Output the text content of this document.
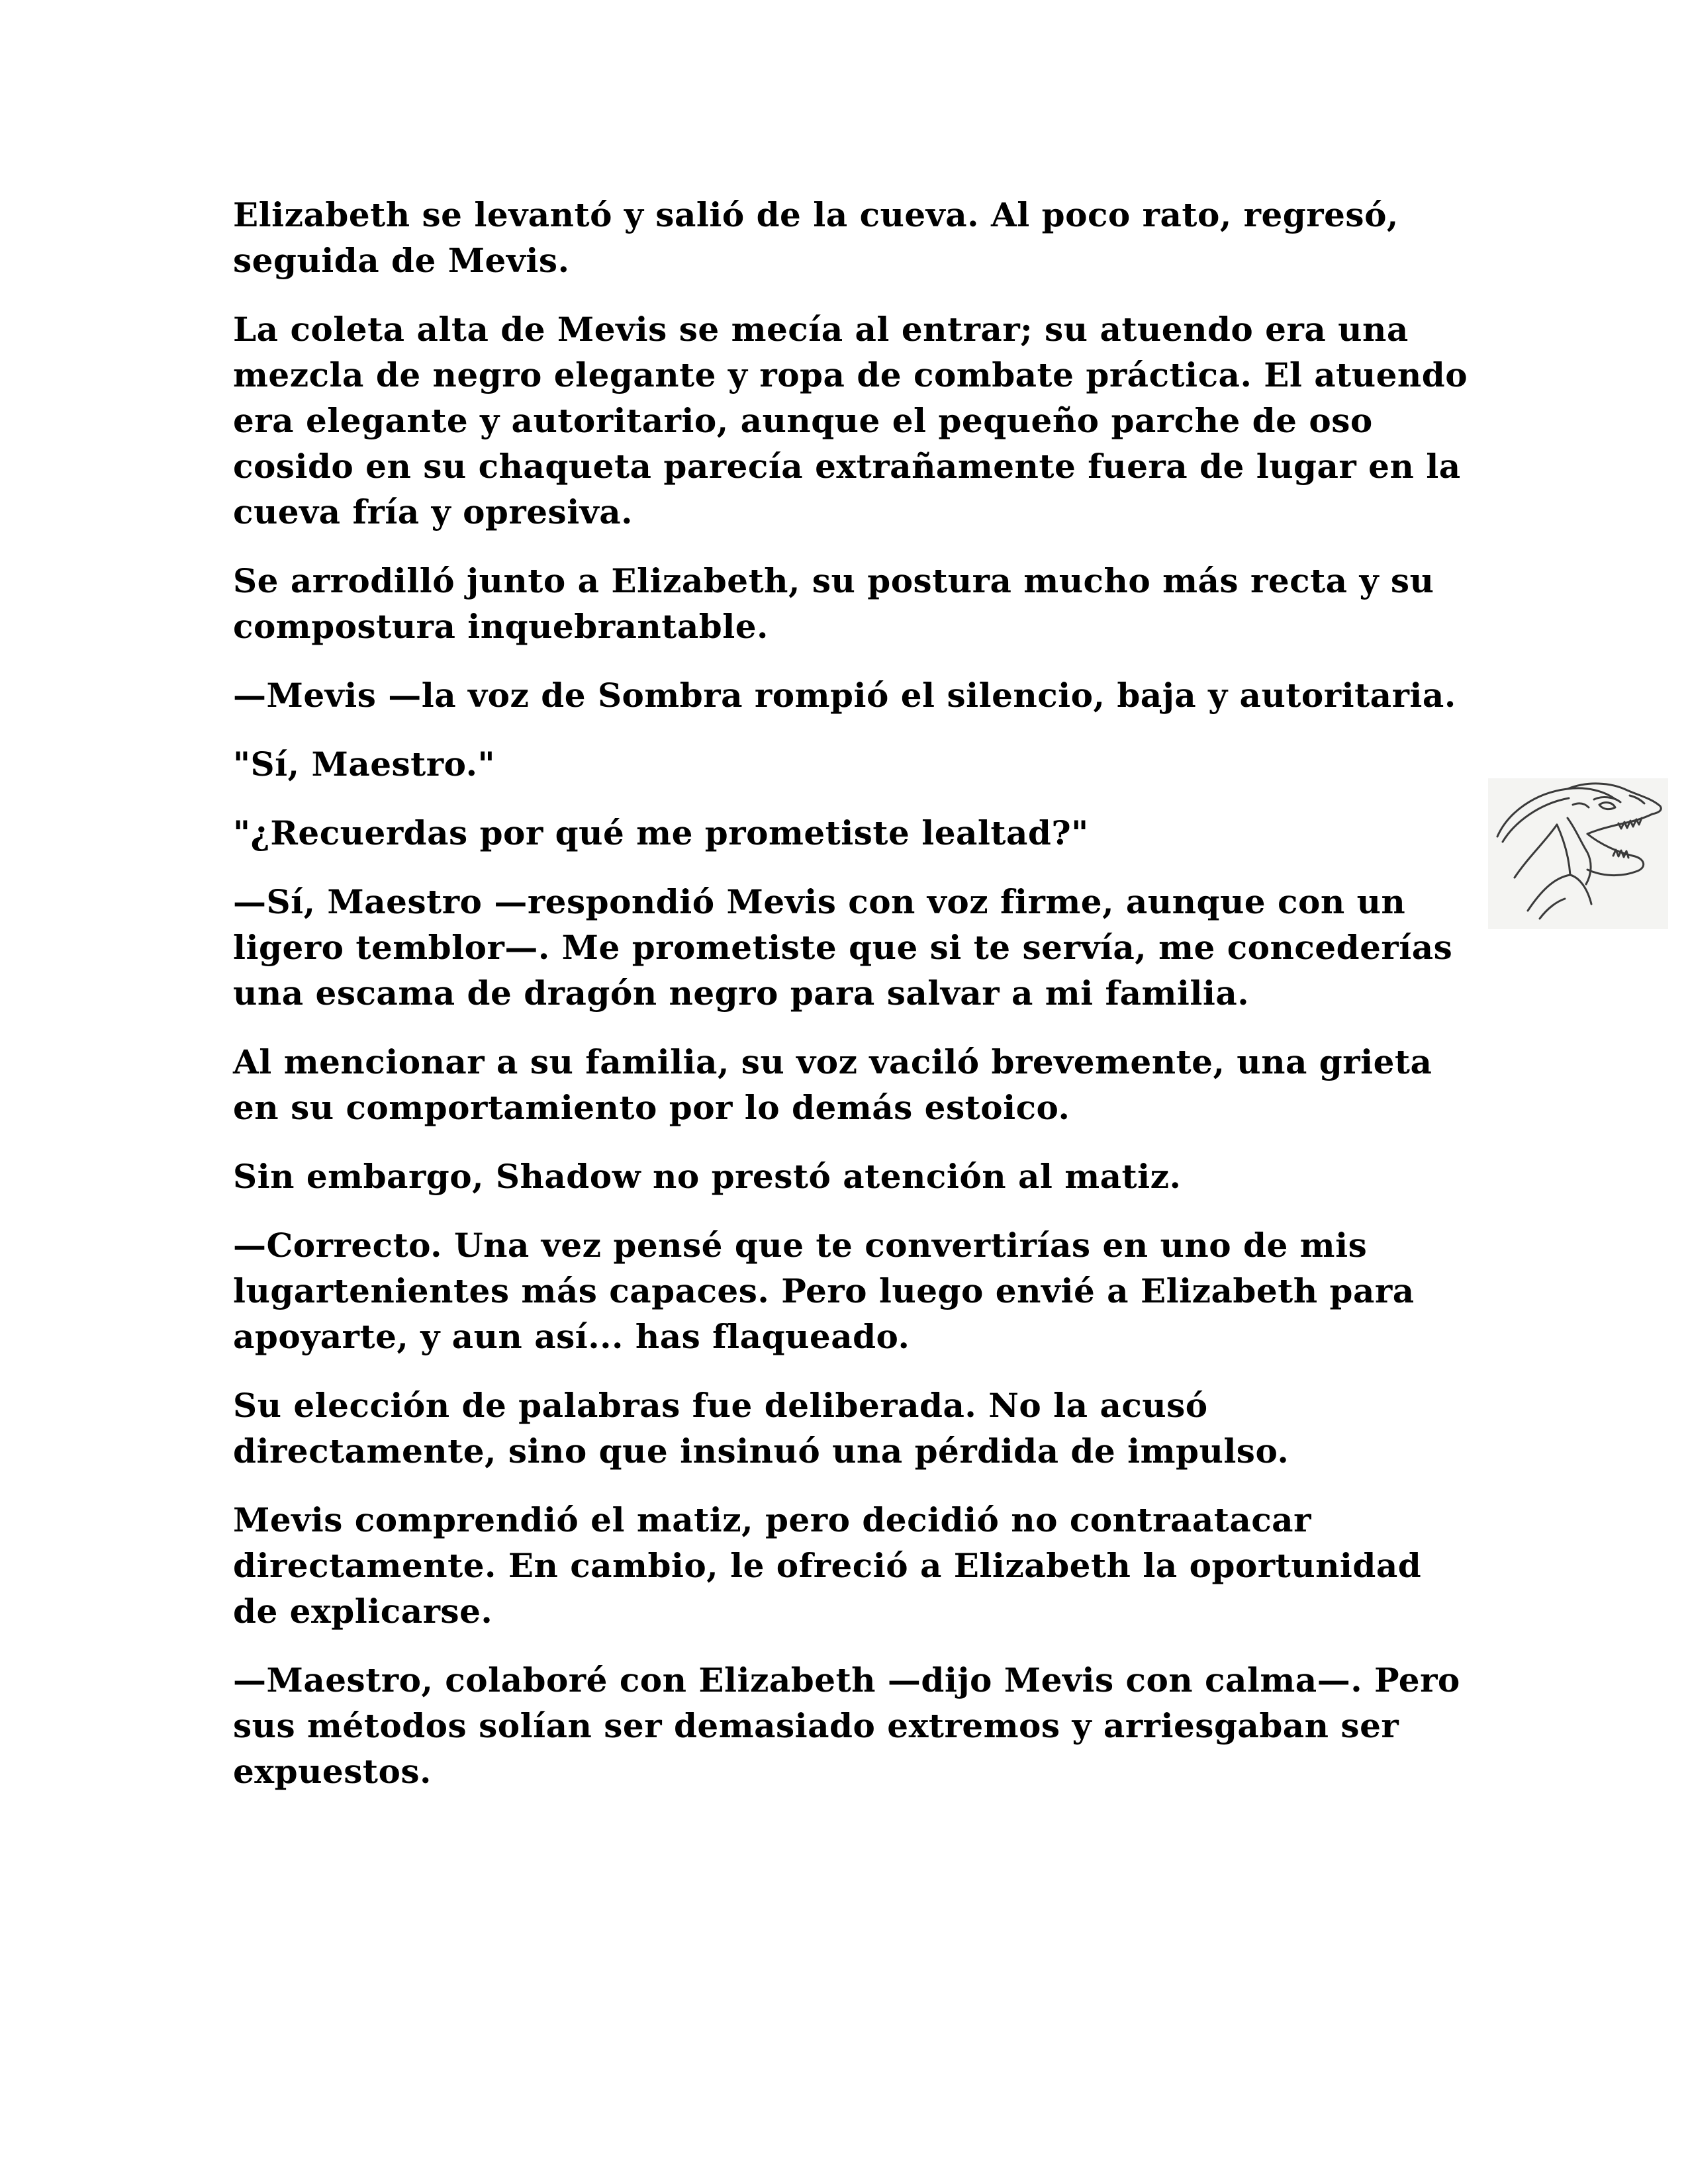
Elizabeth se levantó y salió de la cueva. Al poco rato, regresó, seguida de Mevis.

La coleta alta de Mevis se mecía al entrar; su atuendo era una mezcla de negro elegante y ropa de combate práctica. El atuendo era elegante y autoritario, aunque el pequeño parche de oso cosido en su chaqueta parecía extrañamente fuera de lugar en la cueva fría y opresiva.

Se arrodilló junto a Elizabeth, su postura mucho más recta y su compostura inquebrantable.

—Mevis —la voz de Sombra rompió el silencio, baja y autoritaria.

"Sí, Maestro."

"¿Recuerdas por qué me prometiste lealtad?"

—Sí, Maestro —respondió Mevis con voz firme, aunque con un ligero temblor—. Me prometiste que si te servía, me concederías una escama de dragón negro para salvar a mi familia.

Al mencionar a su familia, su voz vaciló brevemente, una grieta en su comportamiento por lo demás estoico.

Sin embargo, Shadow no prestó atención al matiz.

—Correcto. Una vez pensé que te convertirías en uno de mis lugartenientes más capaces. Pero luego envié a Elizabeth para apoyarte, y aun así... has flaqueado.

Su elección de palabras fue deliberada. No la acusó directamente, sino que insinuó una pérdida de impulso.

Mevis comprendió el matiz, pero decidió no contraatacar directamente. En cambio, le ofreció a Elizabeth la oportunidad de explicarse.

—Maestro, colaboré con Elizabeth —dijo Mevis con calma—. Pero sus métodos solían ser demasiado extremos y arriesgaban ser expuestos.
